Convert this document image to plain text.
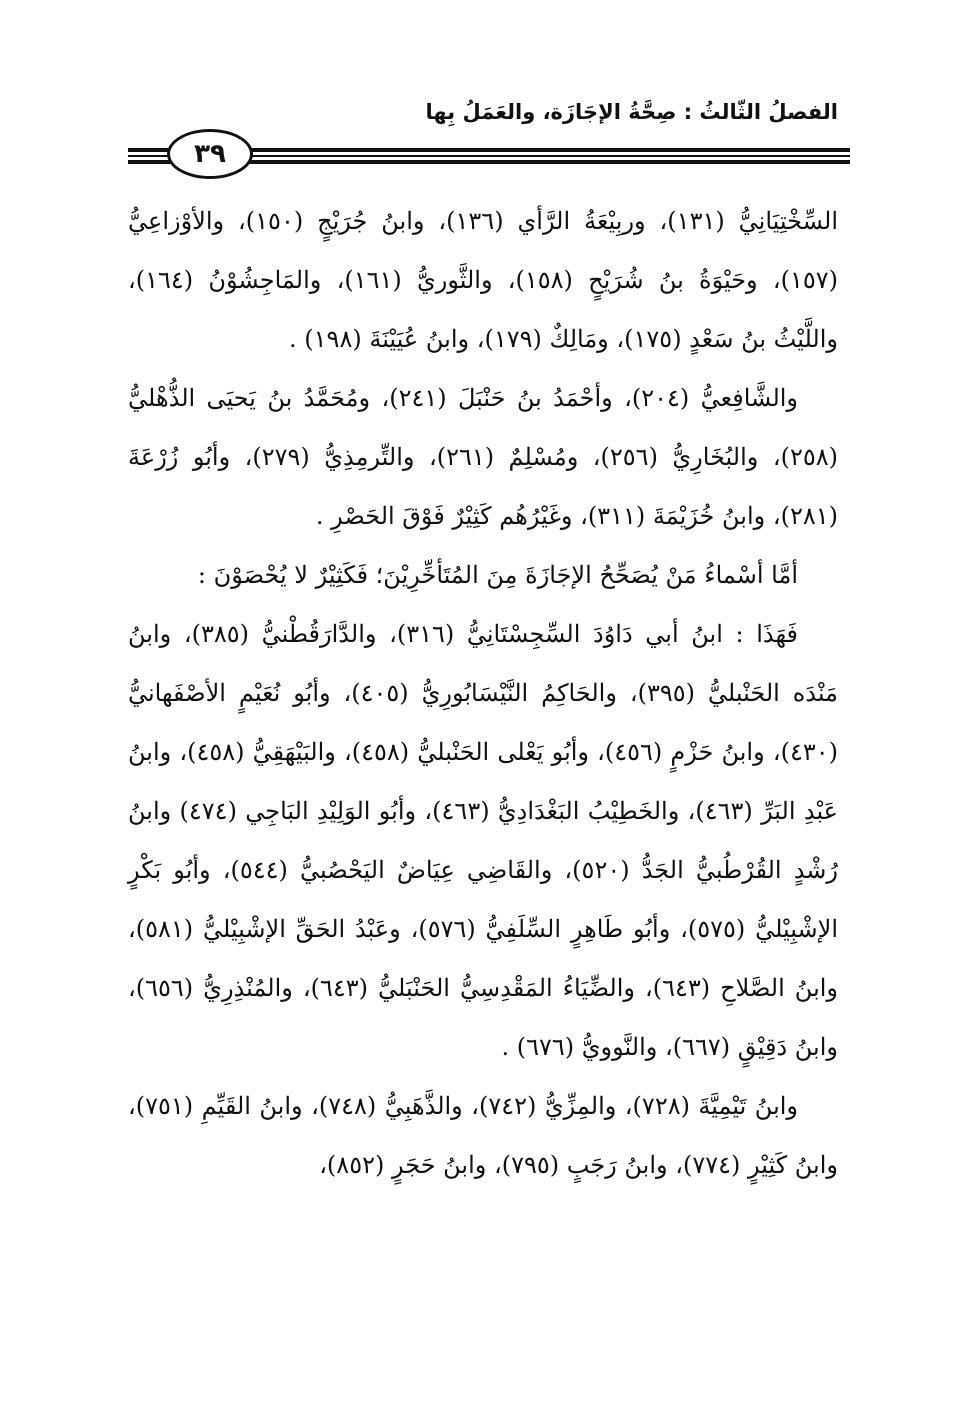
الفصلُ الثّالثُ : صِحَّةُ الإجَازَة، والعَمَلُ بِها
٣٩

السِّخْتِيَانِيُّ (١٣١)، وربِيْعَةُ الرَّأي (١٣٦)، وابنُ جُرَيْجٍ (١٥٠)، والأوْزاعِيُّ (١٥٧)، وحَيْوَةُ بنُ شُرَيْحٍ (١٥٨)، والثَّوريُّ (١٦١)، والمَاجِشُوْنُ (١٦٤)، واللَّيْثُ بنُ سَعْدٍ (١٧٥)، ومَالِكٌ (١٧٩)، وابنُ عُيَيْنَةَ (١٩٨) .

والشَّافِعيُّ (٢٠٤)، وأحْمَدُ بنُ حَنْبَلَ (٢٤١)، ومُحَمَّدُ بنُ يَحيَى الذُّهْليُّ (٢٥٨)، والبُخَارِيُّ (٢٥٦)، ومُسْلِمٌ (٢٦١)، والتِّرمِذِيُّ (٢٧٩)، وأبُو زُرْعَةَ (٢٨١)، وابنُ خُزَيْمَةَ (٣١١)، وغَيْرُهُم كَثِيْرٌ فَوْقَ الحَصْرِ .

أمَّا أسْماءُ مَنْ يُصَحِّحُ الإجَازَةَ مِنَ المُتَأخِّرِيْنَ؛ فَكَثِيْرٌ لا يُحْصَوْنَ :

فَهَذَا : ابنُ أبي دَاوُدَ السِّجِسْتَانِيُّ (٣١٦)، والدَّارَقُطْنيُّ (٣٨٥)، وابنُ مَنْدَه الحَنْبليُّ (٣٩٥)، والحَاكِمُ النَّيْسَابُورِيُّ (٤٠٥)، وأبُو نُعَيْمٍ الأصْفَهانيُّ (٤٣٠)، وابنُ حَزْمٍ (٤٥٦)، وأبُو يَعْلى الحَنْبليُّ (٤٥٨)، والبَيْهَقِيُّ (٤٥٨)، وابنُ عَبْدِ البَرِّ (٤٦٣)، والخَطِيْبُ البَغْدَادِيُّ (٤٦٣)، وأبُو الوَلِيْدِ البَاجِي (٤٧٤) وابنُ رُشْدٍ القُرْطُبيُّ الجَدُّ (٥٢٠)، والقَاضِي عِيَاضٌ اليَحْصُبيُّ (٥٤٤)، وأبُو بَكْرٍ الإشْبِيْليُّ (٥٧٥)، وأبُو طَاهِرٍ السِّلَفِيُّ (٥٧٦)، وعَبْدُ الحَقِّ الإشْبِيْليُّ (٥٨١)، وابنُ الصَّلاحِ (٦٤٣)، والضِّيَاءُ المَقْدِسِيُّ الحَنْبَليُّ (٦٤٣)، والمُنْذِرِيُّ (٦٥٦)، وابنُ دَقِيْقٍ (٦٦٧)، والنَّوويُّ (٦٧٦) .

وابنُ تَيْمِيَّةَ (٧٢٨)، والمِزِّيُّ (٧٤٢)، والذَّهَبِيُّ (٧٤٨)، وابنُ القَيِّمِ (٧٥١)، وابنُ كَثِيْرٍ (٧٧٤)، وابنُ رَجَبٍ (٧٩٥)، وابنُ حَجَرٍ (٨٥٢)،
